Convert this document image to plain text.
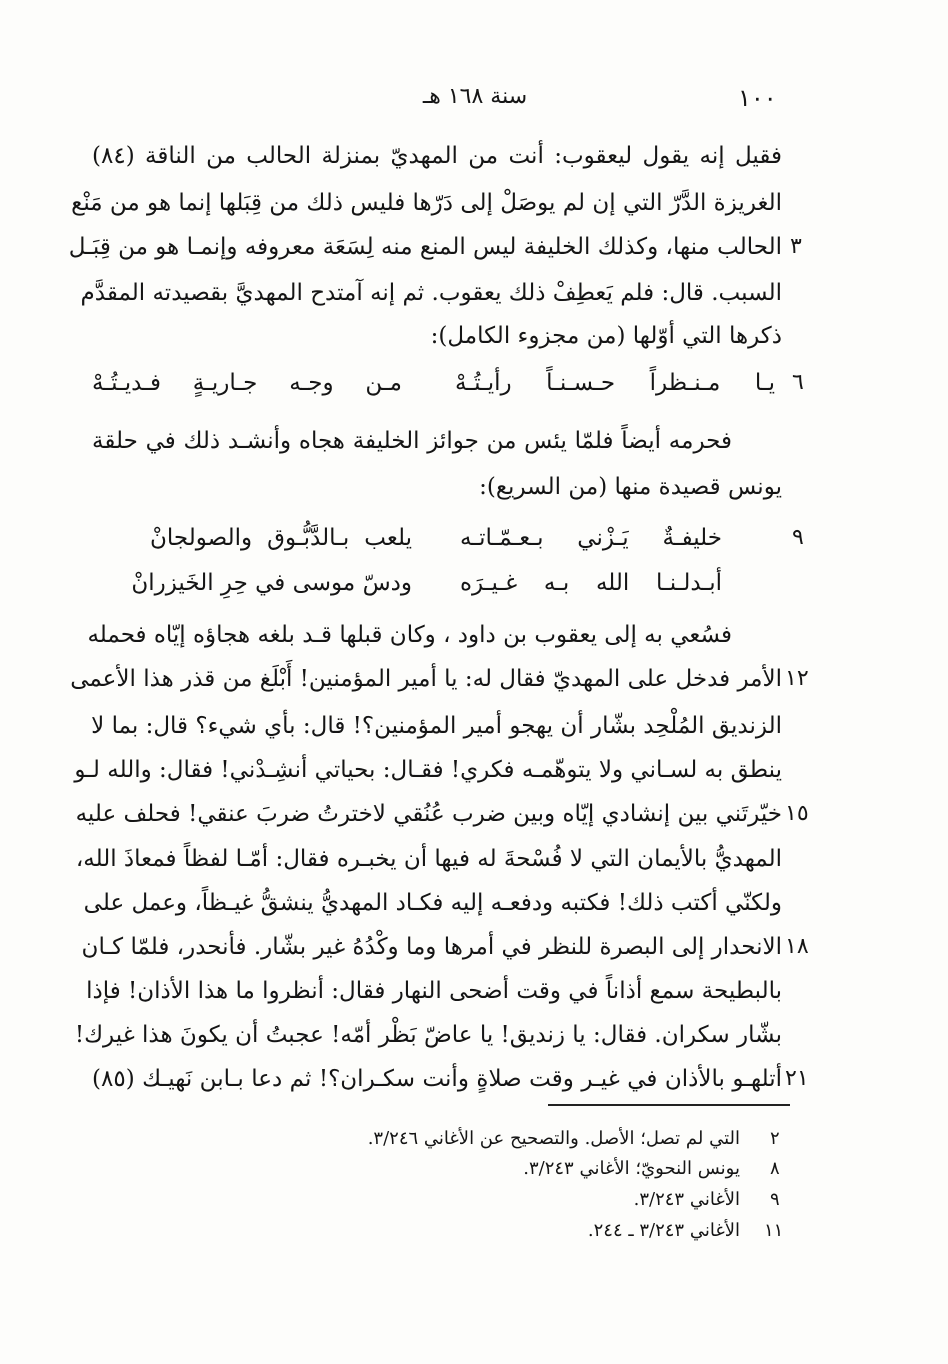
سنة ١٦٨ هـ	١٠٠
فقيل إنه يقول ليعقوب: أنت من المهديّ بمنزلة الحالب من الناقة (٨٤)
الغريزة الدَّرّ التي إن لم يوصَلْ إلى دَرّها فليس ذلك من قِبَلها إنما هو من مَنْع
الحالب منها، وكذلك الخليفة ليس المنع منه لِسَعَة معروفه وإنمـا هو من قِبَـل ٣
السبب. قال: فلم يَعطِفْ ذلك يعقوب. ثم إنه آمتدح المهديَّ بقصيدته المقدَّم
ذكرها التي أوّلها (من مجزوء الكامل):
٦
يـا مـنـظراً حـسـنـاً رأيـتُـهْ
مـن وجـه جـاريـةٍ فـديـتُـهْ
فحرمه أيضاً فلمّا يئس من جوائز الخليفة هجاه وأنشـد ذلك في حلقة
يونس قصيدة منها (من السريع):
٩
خليفـةٌ يَـزْني بـعـمّـاتـه
يلعب بـالدَّبُّـوق والصولجانْ
أبـدلـنـا الله بـه غـيـرَه
ودسّ موسى في حِرِ الخَيزرانْ
فسُعي به إلى يعقوب بن داود ، وكان قبلها قـد بلغه هجاؤه إيّاه فحمله
الأمر فدخل على المهديّ فقال له: يا أمير المؤمنين! أَبْلَغ من قذر هذا الأعمى ١٢
الزنديق المُلْحِد بشّار أن يهجو أمير المؤمنين؟! قال: بأي شيء؟ قال: بما لا
ينطق به لسـاني ولا يتوهّمـه فكري! فقـال: بحياتي أنشِـدْني! فقال: والله لـو
خيّرتَني بين إنشادي إيّاه وبين ضرب عُنُقي لاخترتُ ضربَ عنقي! فحلف عليه ١٥
المهديُّ بالأيمان التي لا فُسْحةَ له فيها أن يخبـره فقال: أمّـا لفظاً فمعاذَ الله،
ولكنّي أكتب ذلك! فكتبه ودفعـه إليه فكـاد المهديُّ ينشقُّ غيـظاً، وعمل على
الانحدار إلى البصرة للنظر في أمرها وما وكْدُهُ غير بشّار. فأنحدر، فلمّا كـان ١٨
بالبطيحة سمع أذاناً في وقت أضحى النهار فقال: أنظروا ما هذا الأذان! فإذا
بشّار سكران. فقال: يا زنديق! يا عاضّ بَظْر أمّه! عجبتُ أن يكونَ هذا غيرك!
أتلهـو بالأذان في غيـر وقت صلاةٍ وأنت سكـران؟! ثم دعا بـابن نَهيـك (٨٥) ٢١
٢
التي لم تصل؛ الأصل. والتصحيح عن الأغاني ٣/٢٤٦.
٨
يونس النحويّ؛ الأغاني ٣/٢٤٣.
٩
الأغاني ٣/٢٤٣.
١١
الأغاني ٣/٢٤٣ ـ ٢٤٤.
